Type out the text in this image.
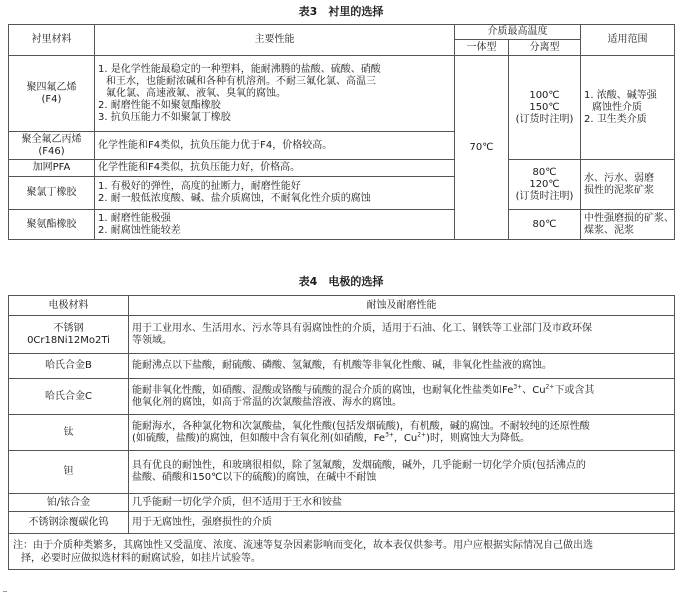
表3　衬里的选择
衬里材料	主要性能	介质最高温度		适用范围
		一体型	分离型	

聚四氟乙烯
(F4)	1. 是化学性能最稳定的一种塑料，能耐沸腾的盐酸、硫酸、硝酸
和王水，也能耐浓碱和各种有机溶剂。不耐三氟化氯、高温三
氟化氯、高速液氟、液氧、臭氧的腐蚀。
2. 耐磨性能不如聚氨酯橡胶
3. 抗负压能力不如聚氯丁橡胶	70℃	100℃
150℃
(订货时注明)	1. 浓酸、碱等强
腐蚀性介质
2. 卫生类介质

聚全氟乙丙烯
(F46)	化学性能和F4类似，抗负压能力优于F4，价格较高。			

加网PFA	化学性能和F4类似，抗负压能力好，价格高。		80℃
120℃
(订货时注明)	水、污水、弱磨
损性的泥浆矿浆

聚氯丁橡胶	1. 有极好的弹性，高度的扯断力，耐磨性能好
2. 耐一般低浓度酸、碱、盐介质腐蚀，不耐氧化性介质的腐蚀			

聚氨酯橡胶	1. 耐磨性能极强
2. 耐腐蚀性能较差		80℃	中性强磨损的矿浆、
煤浆、泥浆
表4　电极的选择
电极材料	耐蚀及耐磨性能

不锈钢
0Cr18Ni12Mo2Ti	用于工业用水、生活用水、污水等具有弱腐蚀性的介质，适用于石油、化工、钢铁等工业部门及市政环保
等领域。

哈氏合金B	能耐沸点以下盐酸，耐硫酸、磷酸、氢氟酸，有机酸等非氧化性酸、碱，非氧化性盐液的腐蚀。

哈氏合金C	能耐非氧化性酸，如硝酸、混酸或铬酸与硫酸的混合介质的腐蚀，也耐氧化性盐类如$Fe^{3+}$、$Cu^{2+}$下或含其
他氧化剂的腐蚀，如高于常温的次氯酸盐溶液、海水的腐蚀。

钛	能耐海水，各种氯化物和次氯酸盐，氧化性酸(包括发烟硫酸)，有机酸，碱的腐蚀。不耐较纯的还原性酸
(如硫酸，盐酸)的腐蚀，但如酸中含有氧化剂(如硝酸，$Fe^{3+}$，$Cu^{2+}$)时，则腐蚀大为降低。

钽	具有优良的耐蚀性，和玻璃很相似，除了氢氟酸，发烟硫酸，碱外，几乎能耐一切化学介质(包括沸点的
盐酸、硝酸和150℃以下的硫酸)的腐蚀，在碱中不耐蚀

铂/铱合金	几乎能耐一切化学介质，但不适用于王水和铵盐

不锈钢涂覆碳化钨	用于无腐蚀性，强磨损性的介质

注：由于介质种类繁多，其腐蚀性又受温度、浓度、流速等复杂因素影响而变化，故本表仅供参考。用户应根据实际情况自己做出选
择，必要时应做拟选材料的耐腐试验，如挂片试验等。	
